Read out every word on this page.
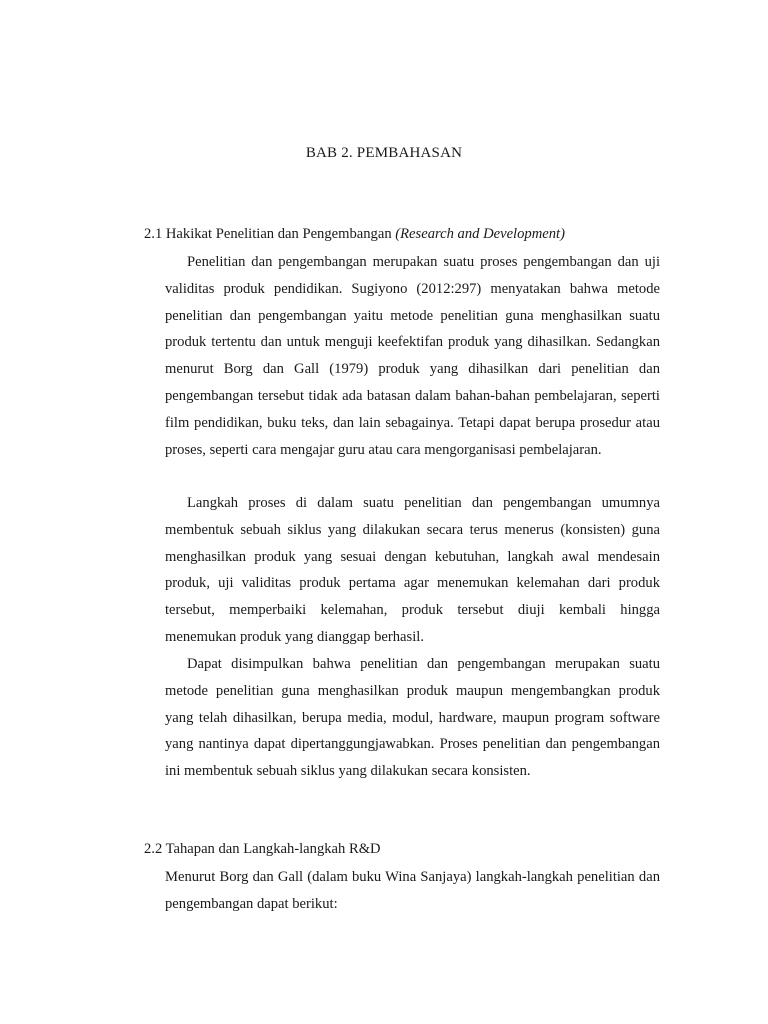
BAB 2. PEMBAHASAN
2.1 Hakikat Penelitian dan Pengembangan (Research and Development)

Penelitian dan pengembangan merupakan suatu proses pengembangan dan uji validitas produk pendidikan. Sugiyono (2012:297) menyatakan bahwa metode penelitian dan pengembangan yaitu metode penelitian guna menghasilkan suatu produk tertentu dan untuk menguji keefektifan produk yang dihasilkan. Sedangkan menurut Borg dan Gall (1979) produk yang dihasilkan dari penelitian dan pengembangan tersebut tidak ada batasan dalam bahan-bahan pembelajaran, seperti film pendidikan, buku teks, dan lain sebagainya. Tetapi dapat berupa prosedur atau proses, seperti cara mengajar guru atau cara mengorganisasi pembelajaran.

Langkah proses di dalam suatu penelitian dan pengembangan umumnya membentuk sebuah siklus yang dilakukan secara terus menerus (konsisten) guna menghasilkan produk yang sesuai dengan kebutuhan, langkah awal mendesain produk, uji validitas produk pertama agar menemukan kelemahan dari produk tersebut, memperbaiki kelemahan, produk tersebut diuji kembali hingga menemukan produk yang dianggap berhasil.

Dapat disimpulkan bahwa penelitian dan pengembangan merupakan suatu metode penelitian guna menghasilkan produk maupun mengembangkan produk yang telah dihasilkan, berupa media, modul, hardware, maupun program software yang nantinya dapat dipertanggungjawabkan. Proses penelitian dan pengembangan ini membentuk sebuah siklus yang dilakukan secara konsisten.

2.2 Tahapan dan Langkah-langkah R&D

Menurut Borg dan Gall (dalam buku Wina Sanjaya) langkah-langkah penelitian dan pengembangan dapat berikut:
